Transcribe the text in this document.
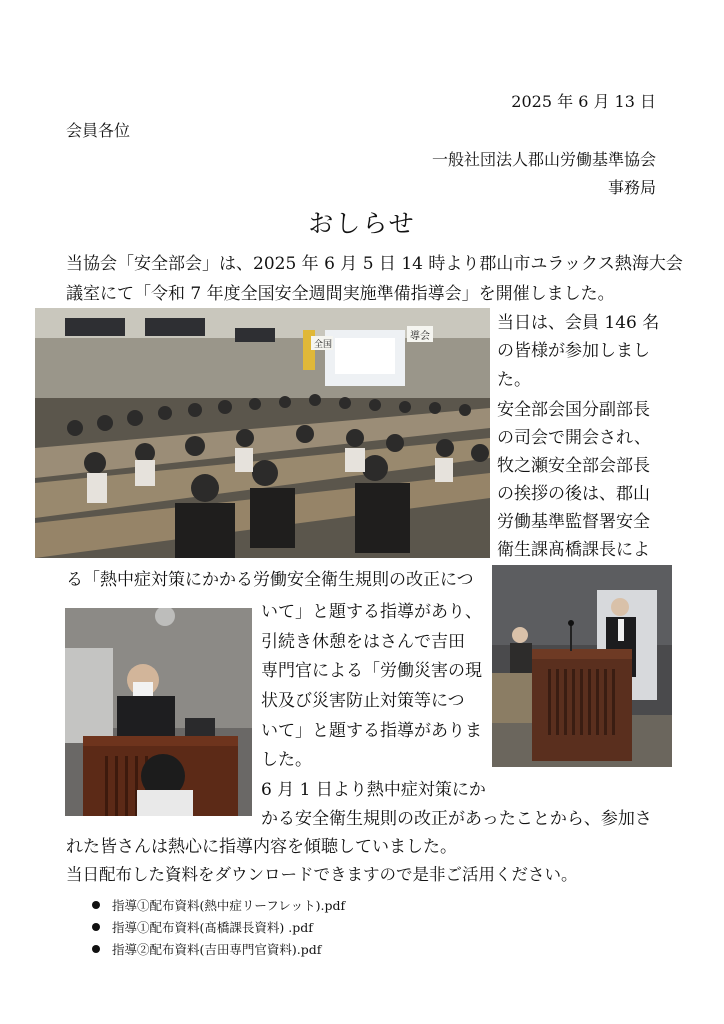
2025 年 6 月 13 日
会員各位
一般社団法人郡山労働基準協会
事務局
おしらせ
当協会「安全部会」は、2025 年 6 月 5 日 14 時より郡山市ユラックス熱海大会
議室にて「令和 7 年度全国安全週間実施準備指導会」を開催しました。
全国
導会
当日は、会員 146 名
の皆様が参加しまし
た。
安全部会国分副部長
の司会で開会され、
牧之瀬安全部会部長
の挨拶の後は、郡山
労働基準監督署安全
衛生課髙橋課長によ
る「熱中症対策にかかる労働安全衛生規則の改正につ
いて」と題する指導があり、
引続き休憩をはさんで吉田
専門官による「労働災害の現
状及び災害防止対策等につ
いて」と題する指導がありま
した。
6 月 1 日より熱中症対策にか
かる安全衛生規則の改正があったことから、参加さ
れた皆さんは熱心に指導内容を傾聴していました。
当日配布した資料をダウンロードできますので是非ご活用ください。
指導①配布資料(熱中症リーフレット).pdf
指導①配布資料(髙橋課長資料) .pdf
指導②配布資料(吉田専門官資料).pdf
